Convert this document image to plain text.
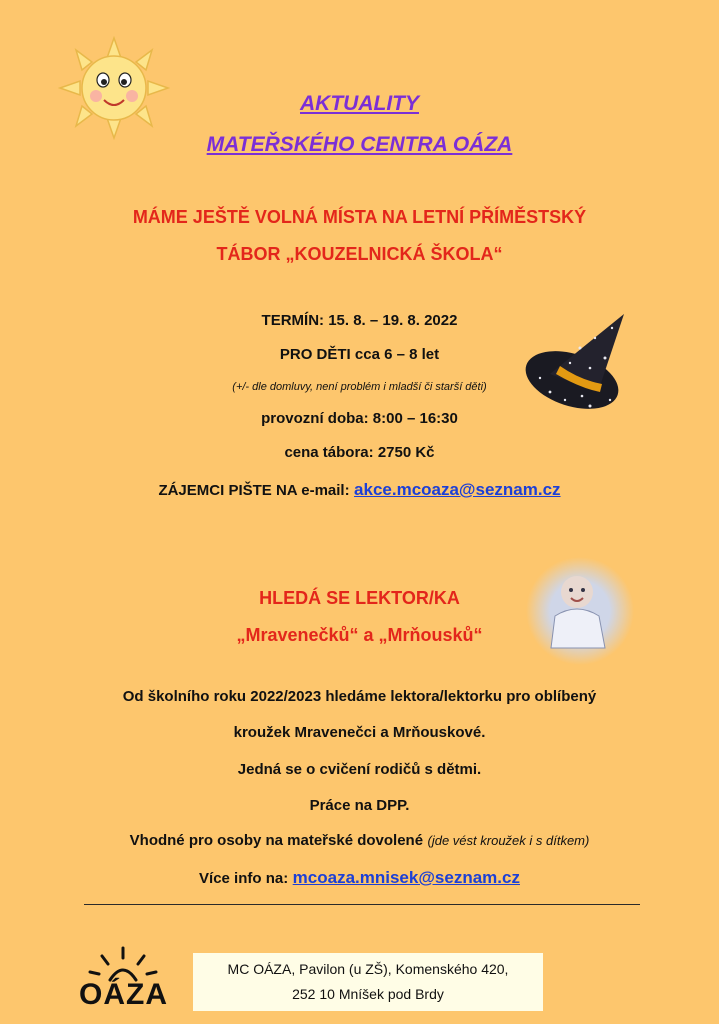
AKTUALITY
MATEŘSKÉHO CENTRA OÁZA
MÁME JEŠTĚ VOLNÁ MÍSTA NA LETNÍ PŘÍMĚSTSKÝ
TÁBOR „KOUZELNICKÁ ŠKOLA“
TERMÍN: 15. 8. – 19. 8. 2022
PRO DĚTI cca 6 – 8 let
(+/- dle domluvy, není problém i mladší či starší děti)
provozní doba: 8:00 – 16:30
cena tábora: 2750 Kč
ZÁJEMCI PIŠTE NA e-mail: akce.mcoaza@seznam.cz
HLEDÁ SE LEKTOR/KA
„Mravenečků“ a „Mrňousků“
Od školního roku 2022/2023 hledáme lektora/lektorku pro oblíbený
kroužek Mravenečci a Mrňouskové.
Jedná se o cvičení rodičů s dětmi.
Práce na DPP.
Vhodné pro osoby na mateřské dovolené (jde vést kroužek i s dítkem)
Více info na: mcoaza.mnisek@seznam.cz
OÁZA
MC OÁZA, Pavilon (u ZŠ), Komenského 420,
252 10 Mníšek pod Brdy
